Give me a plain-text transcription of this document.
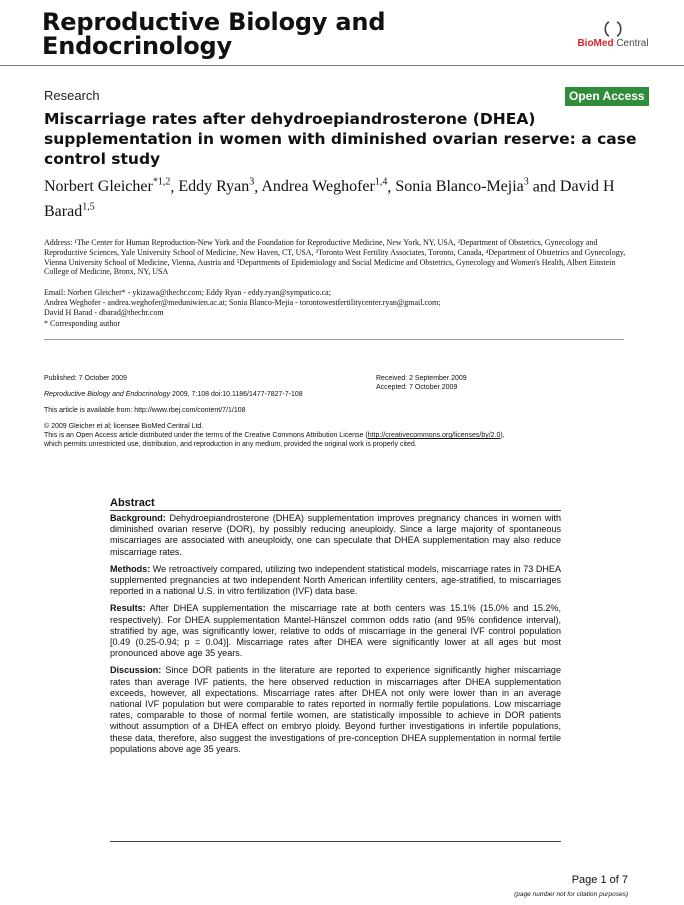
Reproductive Biology and
Endocrinology	BioMed Central
Research	Open Access
Miscarriage rates after dehydroepiandrosterone (DHEA) supplementation in women with diminished ovarian reserve: a case control study
Norbert Gleicher$^{*1,2}$, Eddy Ryan$^3$, Andrea Weghofer$^{1,4}$, Sonia Blanco-Mejia$^3$ and David H Barad$^{1,5}$
Address: ¹The Center for Human Reproduction-New York and the Foundation for Reproductive Medicine, New York, NY, USA, ²Department of Obstetrics, Gynecology and Reproductive Sciences, Yale University School of Medicine, New Haven, CT, USA, ³Toronto West Fertility Associates, Toronto, Canada, ⁴Department of Obstetrics and Gynecology, Vienna University School of Medicine, Vienna, Austria and ⁵Departments of Epidemiology and Social Medicine and Obstetrics, Gynecology and Women's Health, Albert Einstein College of Medicine, Bronx, NY, USA
Email: Norbert Gleicher* - ykizawa@thechr.com; Eddy Ryan - eddy.ryan@sympatico.ca;
Andrea Weghofer - andrea.weghofer@meduniwien.ac.at; Sonia Blanco-Mejia - torontowestfertilitycenter.ryan@gmail.com;
David H Barad - dbarad@thechr.com
* Corresponding author
Published: 7 October 2009
Reproductive Biology and Endocrinology 2009, 7:108 doi:10.1186/1477-7827-7-108
Received: 2 September 2009
Accepted: 7 October 2009
This article is available from: http://www.rbej.com/content/7/1/108
© 2009 Gleicher et al; licensee BioMed Central Ltd.
This is an Open Access article distributed under the terms of the Creative Commons Attribution License (http://creativecommons.org/licenses/by/2.0),
which permits unrestricted use, distribution, and reproduction in any medium, provided the original work is properly cited.
Abstract

Background: Dehydroepiandrosterone (DHEA) supplementation improves pregnancy chances in women with diminished ovarian reserve (DOR), by possibly reducing aneuploidy. Since a large majority of spontaneous miscarriages are associated with aneuploidy, one can speculate that DHEA supplementation may also reduce miscarriage rates.

Methods: We retroactively compared, utilizing two independent statistical models, miscarriage rates in 73 DHEA supplemented pregnancies at two independent North American infertility centers, age-stratified, to miscarriages reported in a national U.S. in vitro fertilization (IVF) data base.

Results: After DHEA supplementation the miscarriage rate at both centers was 15.1% (15.0% and 15.2%, respectively). For DHEA supplementation Mantel-Hänszel common odds ratio (and 95% confidence interval), stratified by age, was significantly lower, relative to odds of miscarriage in the general IVF control population [0.49 (0.25-0.94; p = 0.04)]. Miscarriage rates after DHEA were significantly lower at all ages but most pronounced above age 35 years.

Discussion: Since DOR patients in the literature are reported to experience significantly higher miscarriage rates than average IVF patients, the here observed reduction in miscarriages after DHEA supplementation exceeds, however, all expectations. Miscarriage rates after DHEA not only were lower than in an average national IVF population but were comparable to rates reported in normally fertile populations. Low miscarriage rates, comparable to those of normal fertile women, are statistically impossible to achieve in DOR patients without assumption of a DHEA effect on embryo ploidy. Beyond further investigations in infertile populations, these data, therefore, also suggest the investigations of pre-conception DHEA supplementation in normal fertile populations above age 35 years.

Page 1 of 7
(page number not for citation purposes)
